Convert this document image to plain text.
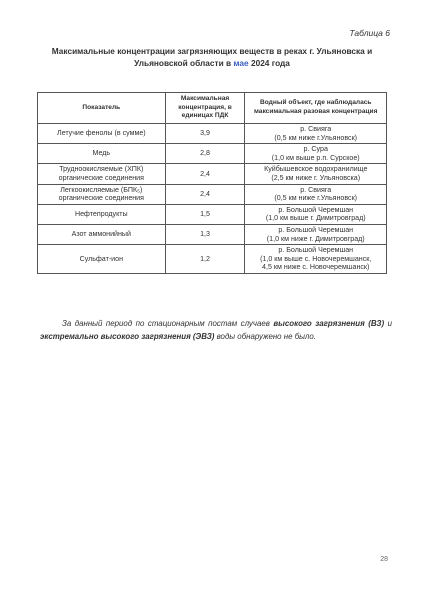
Таблица 6
Максимальные концентрации загрязняющих веществ в реках г. Ульяновска и Ульяновской области в мае 2024 года
Показатель	Максимальная концентрация, в единицах ПДК	Водный объект, где наблюдалась максимальная разовая концентрация
Летучие фенолы (в сумме)	3,9	р. Свияга
(0,5 км ниже г.Ульяновск)

Медь	2,8	р. Сура
(1,0 км выше р.п. Сурское)

Трудноокисляемые (ХПК) органические соединения	2,4	Куйбышевское водохранилище
(2,5 км ниже г. Ульяновска)

Легкоокисляемые (БПК₅) органические соединения	2,4	р. Свияга
(0,5 км ниже г.Ульяновск)

Нефтепродукты	1,5	р. Большой Черемшан
(1,0 км выше г. Димитровград)

Азот аммонийный	1,3	р. Большой Черемшан
(1,0 км ниже г. Димитровград)

Сульфат-ион	1,2	р. Большой Черемшан
(1,0 км выше с. Новочеремшанск,
4,5 км ниже с. Новочеремшанск)
За данный период по стационарным постам случаев высокого загрязнения (ВЗ) и экстремально высокого загрязнения (ЭВЗ) воды обнаружено не было.
28
